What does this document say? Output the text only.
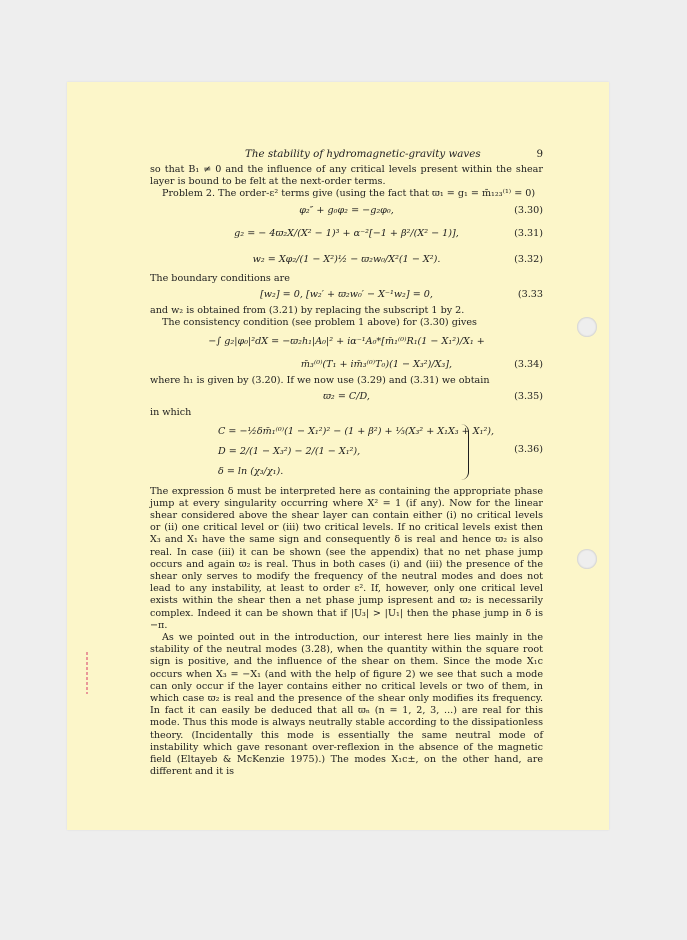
The stability of hydromagnetic-gravity waves	9

so that B₁ ≠ 0 and the influence of any critical levels present within the shear layer is bound to be felt at the next-order terms.

Problem 2. The order-ε² terms give (using the fact that ϖ₁ = g₁ = m̄₁₂₃⁽¹⁾ = 0)

φ₂″ + g₀φ₂ = −g₂φ₀,	(3.30)
g₂ = − 4ϖ₂X/(X² − 1)³ + α⁻²[−1 + β²/(X² − 1)],	(3.31)
w₂ = Xφ₂/(1 − X²)½ − ϖ₂w₀/X²(1 − X²).	(3.32)

The boundary conditions are

[w₂] = 0, [w₂′ + ϖ₂w₀′ − X⁻¹w₂] = 0,	(3.33

and w₂ is obtained from (3.21) by replacing the subscript 1 by 2.

The consistency condition (see problem 1 above) for (3.30) gives

−∫ g₂|φ₀|²dX = −ϖ₂h₁|A₀|² + iα⁻¹A₀*[m̄₁⁽⁰⁾R₁(1 − X₁²)/X₁ +
m̄₃⁽⁰⁾(T₁ + im̄₃⁽⁰⁾T₀)(1 − X₃²)/X₃],	(3.34)

where h₁ is given by (3.20). If we now use (3.29) and (3.31) we obtain

ϖ₂ = C/D,	(3.35)

in which

C = −½δm̄₁⁽⁰⁾(1 − X₁²)² − (1 + β²) + ⅓(X₃² + X₁X₃ + X₁²),
D = 2/(1 − X₃²) − 2/(1 − X₁²),
δ = ln (χ₃/χ₁).
(3.36)

The expression δ must be interpreted here as containing the appropriate phase jump at every singularity occurring where X² = 1 (if any). Now for the linear shear considered above the shear layer can contain either (i) no critical levels or (ii) one critical level or (iii) two critical levels. If no critical levels exist then X₃ and X₁ have the same sign and consequently δ is real and hence ϖ₂ is also real. In case (iii) it can be shown (see the appendix) that no net phase jump occurs and again ϖ₂ is real. Thus in both cases (i) and (iii) the presence of the shear only serves to modify the frequency of the neutral modes and does not lead to any instability, at least to order ε². If, however, only one critical level exists within the shear then a net phase jump ispresent and ϖ₂ is necessarily complex. Indeed it can be shown that if |U₃| > |U₁| then the phase jump in δ is −π.

As we pointed out in the introduction, our interest here lies mainly in the stability of the neutral modes (3.28), when the quantity within the square root sign is positive, and the influence of the shear on them. Since the mode X₁c occurs when X₃ = −X₁ (and with the help of figure 2) we see that such a mode can only occur if the layer contains either no critical levels or two of them, in which case ϖ₂ is real and the presence of the shear only modifies its frequency. In fact it can easily be deduced that all ϖₙ (n = 1, 2, 3, ...) are real for this mode. Thus this mode is always neutrally stable according to the dissipationless theory. (Incidentally this mode is essentially the same neutral mode of instability which gave resonant over-reflexion in the absence of the magnetic field (Eltayeb & McKenzie 1975).) The modes X₁c±, on the other hand, are different and it is
